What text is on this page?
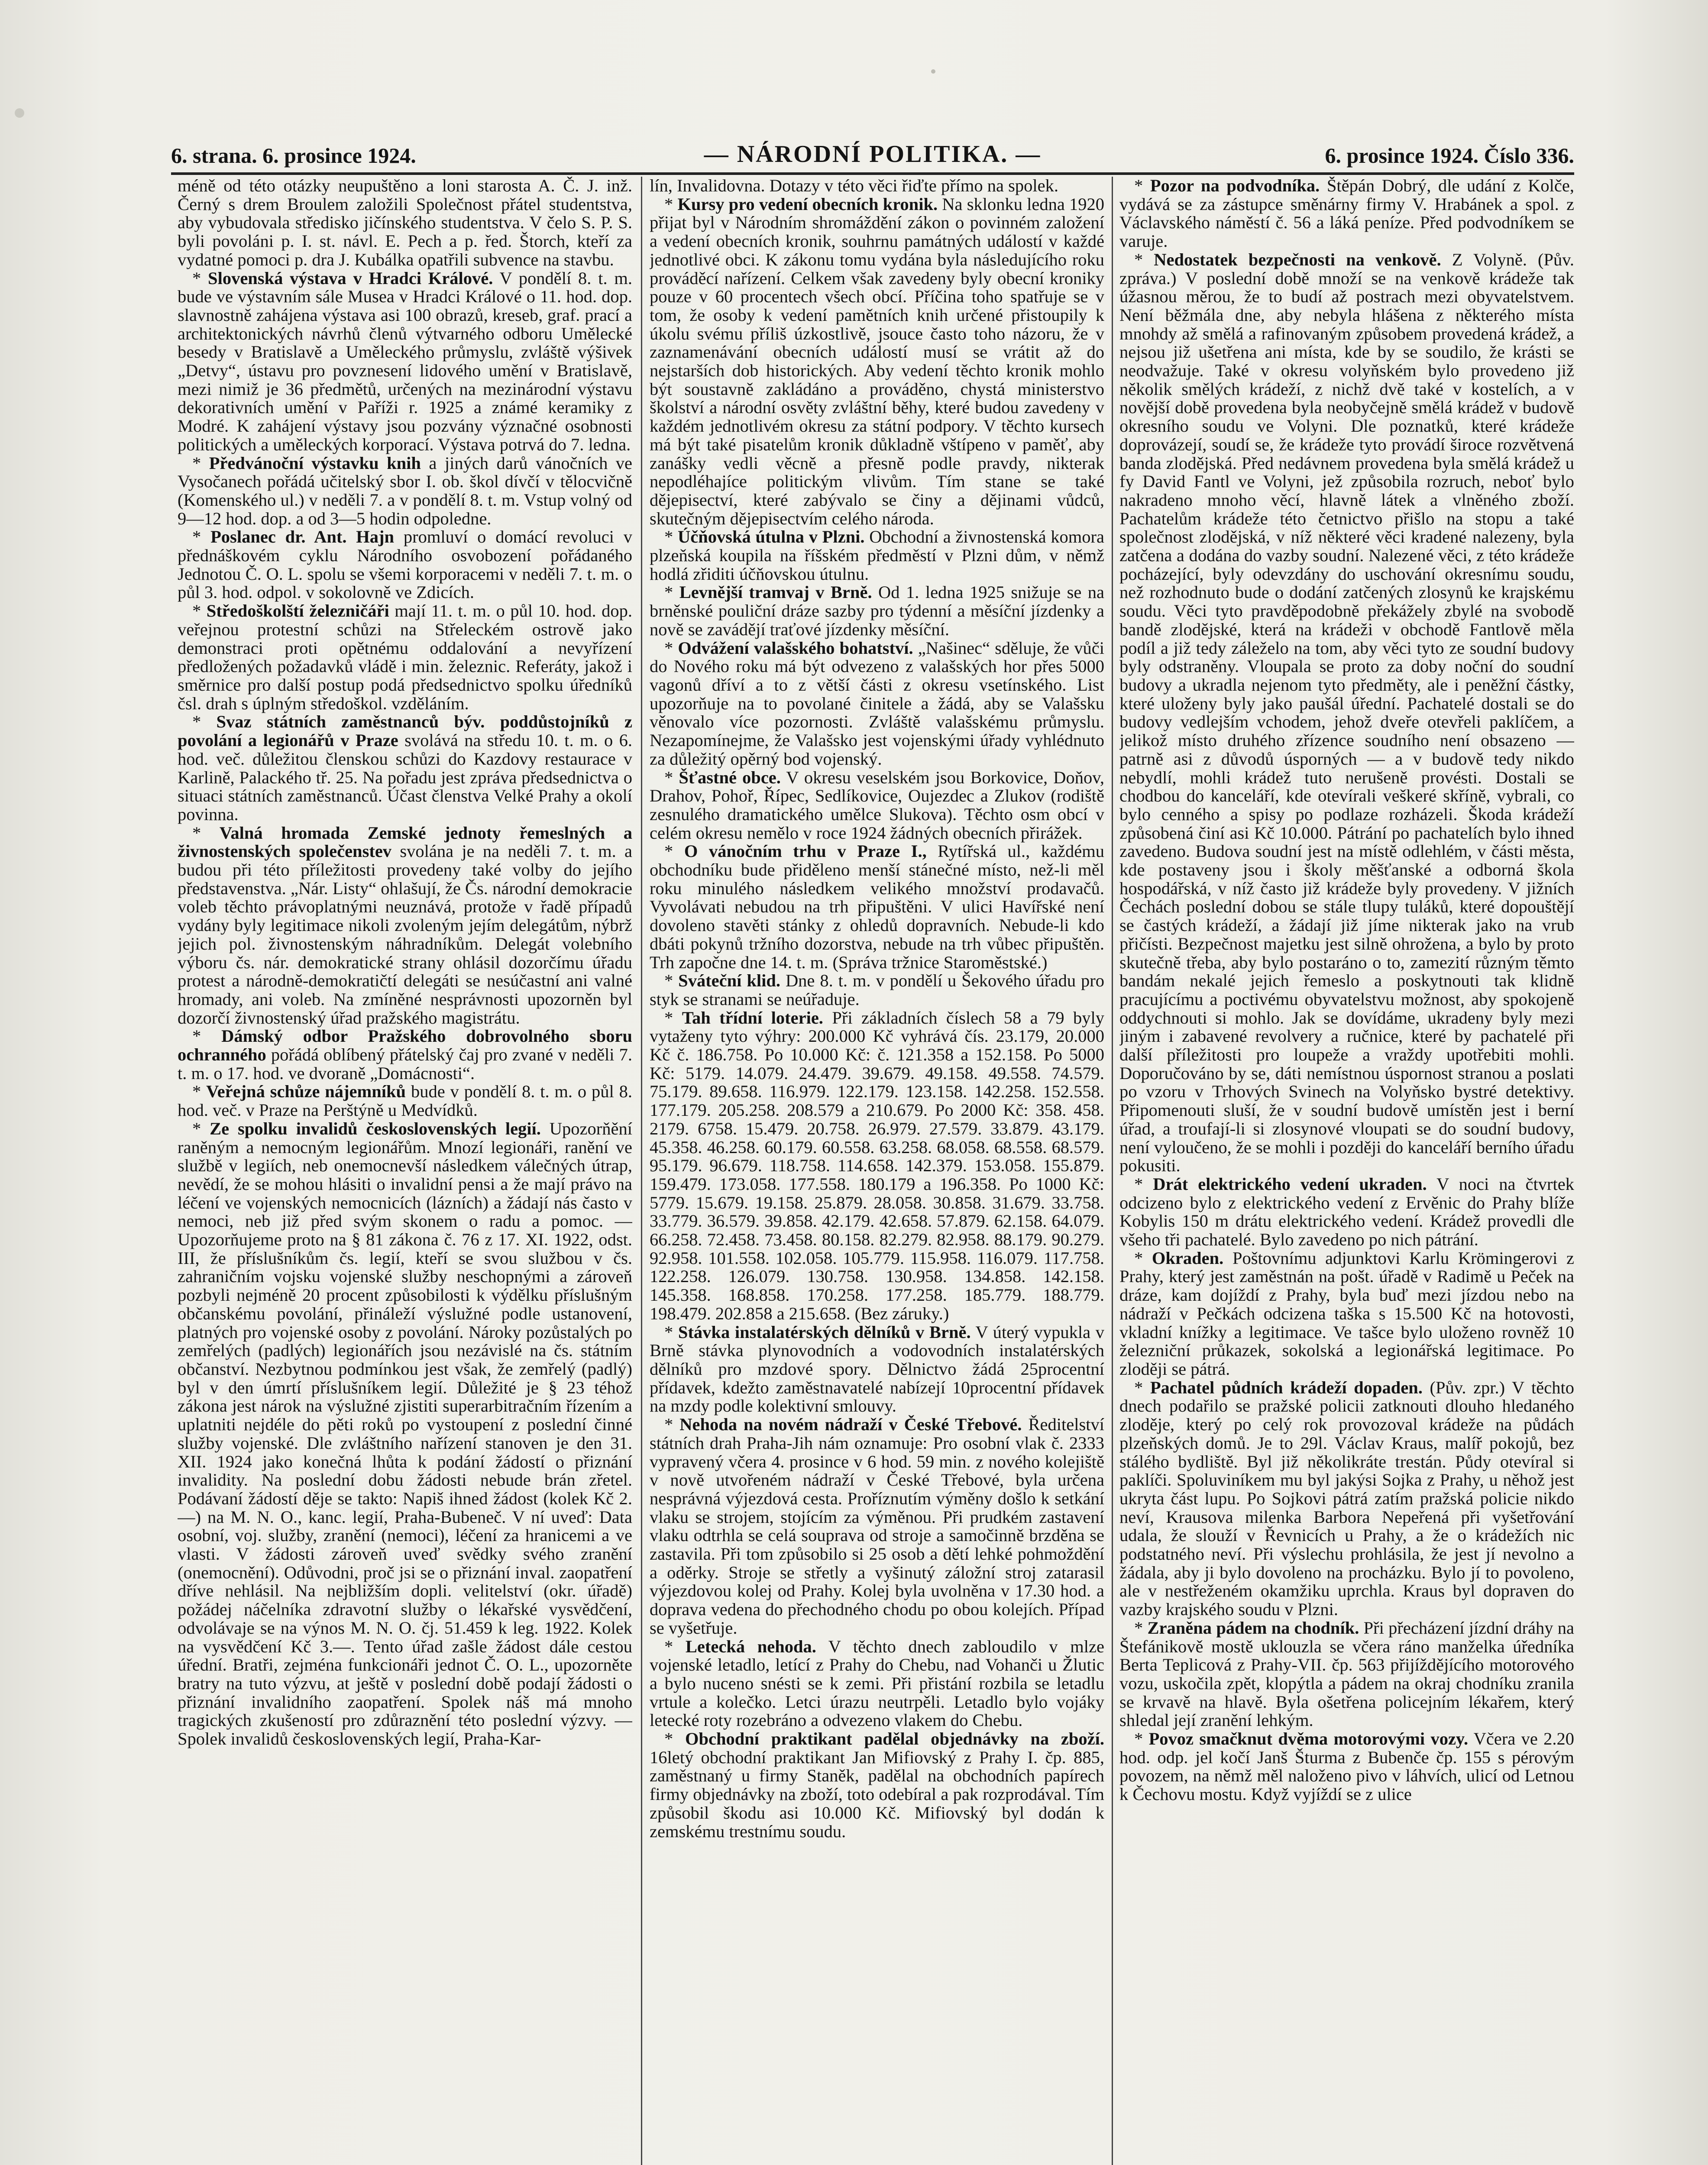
6. strana. 6. prosince 1924.	— NÁRODNÍ POLITIKA. —	6. prosince 1924. Číslo 336.

méně od této otázky neupuštěno a loni starosta A. Č. J. inž. Černý s drem Broulem založili Společnost přátel studentstva, aby vybudovala středisko jičínského studentstva. V čelo S. P. S. byli povoláni p. I. st. návl. E. Pech a p. řed. Štorch, kteří za vydatné pomoci p. dra J. Kubálka opatřili subvence na stavbu.

* Slovenská výstava v Hradci Králové. V pondělí 8. t. m. bude ve výstavním sále Musea v Hradci Králové o 11. hod. dop. slavnostně zahájena výstava asi 100 obrazů, kreseb, graf. prací a architektonických návrhů členů výtvarného odboru Umělecké besedy v Bratislavě a Uměleckého průmyslu, zvláště výšivek „Detvy“, ústavu pro povznesení lidového umění v Bratislavě, mezi nimiž je 36 předmětů, určených na mezinárodní výstavu dekorativních umění v Paříži r. 1925 a známé keramiky z Modré. K zahájení výstavy jsou pozvány význačné osobnosti politických a uměleckých korporací. Výstava potrvá do 7. ledna.

* Předvánoční výstavku knih a jiných darů vánočních ve Vysočanech pořádá učitelský sbor I. ob. škol dívčí v tělocvičně (Komenského ul.) v neděli 7. a v pondělí 8. t. m. Vstup volný od 9—12 hod. dop. a od 3—5 hodin odpoledne.

* Poslanec dr. Ant. Hajn promluví o domácí revoluci v přednáškovém cyklu Národního osvobození pořádaného Jednotou Č. O. L. spolu se všemi korporacemi v neděli 7. t. m. o půl 3. hod. odpol. v sokolovně ve Zdicích.

* Středoškolští železničáři mají 11. t. m. o půl 10. hod. dop. veřejnou protestní schůzi na Střeleckém ostrově jako demonstraci proti opětnému oddalování a nevyřízení předložených požadavků vládě i min. železnic. Referáty, jakož i směrnice pro další postup podá předsednictvo spolku úředníků čsl. drah s úplným středoškol. vzděláním.

* Svaz státních zaměstnanců býv. poddůstojníků z povolání a legionářů v Praze svolává na středu 10. t. m. o 6. hod. več. důležitou členskou schůzi do Kazdovy restaurace v Karlině, Palackého tř. 25. Na pořadu jest zpráva předsednictva o situaci státních zaměstnanců. Účast členstva Velké Prahy a okolí povinna.

* Valná hromada Zemské jednoty řemeslných a živnostenských společenstev svolána je na neděli 7. t. m. a budou při této příležitosti provedeny také volby do jejího představenstva. „Nár. Listy“ ohlašují, že Čs. národní demokracie voleb těchto právoplatnými neuznává, protože v řadě případů vydány byly legitimace nikoli zvoleným jejím delegátům, nýbrž jejich pol. živnostenským náhradníkům. Delegát volebního výboru čs. nár. demokratické strany ohlásil dozorčímu úřadu protest a národně-demokratičtí delegáti se nesúčastní ani valné hromady, ani voleb. Na zmíněné nesprávnosti upozorněn byl dozorčí živnostenský úřad pražského magistrátu.

* Dámský odbor Pražského dobrovolného sboru ochranného pořádá oblíbený přátelský čaj pro zvané v neděli 7. t. m. o 17. hod. ve dvoraně „Domácnosti“.

* Veřejná schůze nájemníků bude v pondělí 8. t. m. o půl 8. hod. več. v Praze na Perštýně u Medvídků.

* Ze spolku invalidů československých legií. Upozorňění raněným a nemocným legionářům. Mnozí legionáři, ranění ve službě v legiích, neb onemocnevší následkem válečných útrap, nevědí, že se mohou hlásiti o invalidní pensi a že mají právo na léčení ve vojenských nemocnicích (lázních) a žádají nás často v nemoci, neb již před svým skonem o radu a pomoc. — Upozorňujeme proto na § 81 zákona č. 76 z 17. XI. 1922, odst. III, že příslušníkům čs. legií, kteří se svou službou v čs. zahraničním vojsku vojenské služby neschopnými a zároveň pozbyli nejméně 20 procent způsobilosti k výdělku příslušným občanskému povolání, přináleží výslužné podle ustanovení, platných pro vojenské osoby z povolání. Nároky pozůstalých po zemřelých (padlých) legionářích jsou nezávislé na čs. státním občanství. Nezbytnou podmínkou jest však, že zemřelý (padlý) byl v den úmrtí příslušníkem legií. Důležité je § 23 téhož zákona jest nárok na výslužné zjistiti superarbitračním řízením a uplatniti nejdéle do pěti roků po vystoupení z poslední činné služby vojenské. Dle zvláštního nařízení stanoven je den 31. XII. 1924 jako konečná lhůta k podání žádostí o přiznání invalidity. Na poslední dobu žádosti nebude brán zřetel. Podávaní žádostí děje se takto: Napiš ihned žádost (kolek Kč 2.—) na M. N. O., kanc. legií, Praha-Bubeneč. V ní uveď: Data osobní, voj. služby, zranění (nemoci), léčení za hranicemi a ve vlasti. V žádosti zároveň uveď svědky svého zranění (onemocnění). Odůvodni, proč jsi se o přiznání inval. zaopatření dříve nehlásil. Na nejbližším dopli. velitelství (okr. úřadě) požádej náčelníka zdravotní služby o lékařské vysvědčení, odvolávaje se na výnos M. N. O. čj. 51.459 k leg. 1922. Kolek na vysvědčení Kč 3.—. Tento úřad zašle žádost dále cestou úřední. Bratři, zejména funkcionáři jednot Č. O. L., upozorněte bratry na tuto výzvu, at ještě v poslední době podají žádosti o přiznání invalidního zaopatření. Spolek náš má mnoho tragických zkušeností pro zdůraznění této poslední výzvy. — Spolek invalidů československých legií, Praha-Kar-

lín, Invalidovna. Dotazy v této věci řiďte přímo na spolek.

* Kursy pro vedení obecních kronik. Na sklonku ledna 1920 přijat byl v Národním shromáždění zákon o povinném založení a vedení obecních kronik, souhrnu památných událostí v každé jednotlivé obci. K zákonu tomu vydána byla následujícího roku prováděcí nařízení. Celkem však zavedeny byly obecní kroniky pouze v 60 procentech všech obcí. Příčina toho spatřuje se v tom, že osoby k vedení pamětních knih určené přistoupily k úkolu svému příliš úzkostlivě, jsouce často toho názoru, že v zaznamenávání obecních událostí musí se vrátit až do nejstarších dob historických. Aby vedení těchto kronik mohlo být soustavně zakládáno a prováděno, chystá ministerstvo školství a národní osvěty zvláštní běhy, které budou zavedeny v každém jednotlivém okresu za státní podpory. V těchto kursech má být také pisatelům kronik důkladně vštípeno v paměť, aby zanášky vedli věcně a přesně podle pravdy, nikterak nepodléhajíce politickým vlivům. Tím stane se také dějepisectví, které zabývalo se činy a dějinami vůdců, skutečným dějepisectvím celého národa.

* Účňovská útulna v Plzni. Obchodní a živnostenská komora plzeňská koupila na říšském předměstí v Plzni dům, v němž hodlá zřiditi účňovskou útulnu.

* Levnější tramvaj v Brně. Od 1. ledna 1925 snižuje se na brněnské pouliční dráze sazby pro týdenní a měsíční jízdenky a nově se zavádějí traťové jízdenky měsíční.

* Odvážení valašského bohatství. „Našinec“ sděluje, že vůči do Nového roku má být odvezeno z valašských hor přes 5000 vagonů dříví a to z větší části z okresu vsetínského. List upozorňuje na to povolané činitele a žádá, aby se Valašsku věnovalo více pozornosti. Zvláště valašskému průmyslu. Nezapomínejme, že Valašsko jest vojenskými úřady vyhlédnuto za důležitý opěrný bod vojenský.

* Šťastné obce. V okresu veselském jsou Borkovice, Doňov, Drahov, Pohoř, Řípec, Sedlíkovice, Oujezdec a Zlukov (rodiště zesnulého dramatického umělce Slukova). Těchto osm obcí v celém okresu nemělo v roce 1924 žádných obecních přirážek.

* O vánočním trhu v Praze I., Rytířská ul., každému obchodníku bude přiděleno menší stánečné místo, než-li měl roku minulého následkem velikého množství prodavačů. Vyvolávati nebudou na trh připuštěni. V ulici Havířské není dovoleno stavěti stánky z ohledů dopravních. Nebude-li kdo dbáti pokynů tržního dozorstva, nebude na trh vůbec připuštěn. Trh započne dne 14. t. m. (Správa tržnice Staroměstské.)

* Sváteční klid. Dne 8. t. m. v pondělí u Šekového úřadu pro styk se stranami se neúřaduje.

* Tah třídní loterie. Při základních číslech 58 a 79 byly vytaženy tyto výhry: 200.000 Kč vyhrává čís. 23.179, 20.000 Kč č. 186.758. Po 10.000 Kč: č. 121.358 a 152.158. Po 5000 Kč: 5179. 14.079. 24.479. 39.679. 49.158. 49.558. 74.579. 75.179. 89.658. 116.979. 122.179. 123.158. 142.258. 152.558. 177.179. 205.258. 208.579 a 210.679. Po 2000 Kč: 358. 458. 2179. 6758. 15.479. 20.758. 26.979. 27.579. 33.879. 43.179. 45.358. 46.258. 60.179. 60.558. 63.258. 68.058. 68.558. 68.579. 95.179. 96.679. 118.758. 114.658. 142.379. 153.058. 155.879. 159.479. 173.058. 177.558. 180.179 a 196.358. Po 1000 Kč: 5779. 15.679. 19.158. 25.879. 28.058. 30.858. 31.679. 33.758. 33.779. 36.579. 39.858. 42.179. 42.658. 57.879. 62.158. 64.079. 66.258. 72.458. 73.458. 80.158. 82.279. 82.958. 88.179. 90.279. 92.958. 101.558. 102.058. 105.779. 115.958. 116.079. 117.758. 122.258. 126.079. 130.758. 130.958. 134.858. 142.158. 145.358. 168.858. 170.258. 177.258. 185.779. 188.779. 198.479. 202.858 a 215.658. (Bez záruky.)

* Stávka instalatérských dělníků v Brně. V úterý vypukla v Brně stávka plynovodních a vodovodních instalatérských dělníků pro mzdové spory. Dělnictvo žádá 25procentní přídavek, kdežto zaměstnavatelé nabízejí 10procentní přídavek na mzdy podle kolektivní smlouvy.

* Nehoda na novém nádraží v České Třebové. Ředitelství státních drah Praha-Jih nám oznamuje: Pro osobní vlak č. 2333 vypravený včera 4. prosince v 6 hod. 59 min. z nového kolejiště v nově utvořeném nádraží v České Třebové, byla určena nesprávná výjezdová cesta. Proříznutím výměny došlo k setkání vlaku se strojem, stojícím za výměnou. Při prudkém zastavení vlaku odtrhla se celá souprava od stroje a samočinně brzděna se zastavila. Při tom způsobilo si 25 osob a dětí lehké pohmoždění a oděrky. Stroje se střetly a vyšinutý záložní stroj zatarasil výjezdovou kolej od Prahy. Kolej byla uvolněna v 17.30 hod. a doprava vedena do přechodného chodu po obou kolejích. Případ se vyšetřuje.

* Letecká nehoda. V těchto dnech zabloudilo v mlze vojenské letadlo, letící z Prahy do Chebu, nad Vohanči u Žlutic a bylo nuceno snésti se k zemi. Při přistání rozbila se letadlu vrtule a kolečko. Letci úrazu neutrpěli. Letadlo bylo vojáky letecké roty rozebráno a odvezeno vlakem do Chebu.

* Obchodní praktikant padělal objednávky na zboží. 16letý obchodní praktikant Jan Mifiovský z Prahy I. čp. 885, zaměstnaný u firmy Staněk, padělal na obchodních papírech firmy objednávky na zboží, toto odebíral a pak rozprodával. Tím způsobil škodu asi 10.000 Kč. Mifiovský byl dodán k zemskému trestnímu soudu.

* Pozor na podvodníka. Štěpán Dobrý, dle udání z Kolče, vydává se za zástupce směnárny firmy V. Hrabánek a spol. z Václavského náměstí č. 56 a láká peníze. Před podvodníkem se varuje.

* Nedostatek bezpečnosti na venkově. Z Volyně. (Pův. zpráva.) V poslední době množí se na venkově krádeže tak úžasnou měrou, že to budí až postrach mezi obyvatelstvem. Není běžmála dne, aby nebyla hlášena z některého místa mnohdy až smělá a rafinovaným způsobem provedená krádež, a nejsou již ušetřena ani místa, kde by se soudilo, že krásti se neodvažuje. Také v okresu volyňském bylo provedeno již několik smělých krádeží, z nichž dvě také v kostelích, a v novější době provedena byla neobyčejně smělá krádež v budově okresního soudu ve Volyni. Dle poznatků, které krádeže doprovázejí, soudí se, že krádeže tyto provádí široce rozvětvená banda zlodějská. Před nedávnem provedena byla smělá krádež u fy David Fantl ve Volyni, jež způsobila rozruch, neboť bylo nakradeno mnoho věcí, hlavně látek a vlněného zboží. Pachatelům krádeže této četnictvo přišlo na stopu a také společnost zlodějská, v níž některé věci kradené nalezeny, byla zatčena a dodána do vazby soudní. Nalezené věci, z této krádeže pocházející, byly odevzdány do uschování okresnímu soudu, než rozhodnuto bude o dodání zatčených zlosynů ke krajskému soudu. Věci tyto pravděpodobně překážely zbylé na svobodě bandě zlodějské, která na krádeži v obchodě Fantlově měla podíl a již tedy záleželo na tom, aby věci tyto ze soudní budovy byly odstraněny. Vloupala se proto za doby noční do soudní budovy a ukradla nejenom tyto předměty, ale i peněžní částky, které uloženy byly jako paušál úřední. Pachatelé dostali se do budovy vedlejším vchodem, jehož dveře otevřeli paklíčem, a jelikož místo druhého zřízence soudního není obsazeno — patrně asi z důvodů úsporných — a v budově tedy nikdo nebydlí, mohli krádež tuto nerušeně provésti. Dostali se chodbou do kanceláří, kde otevírali veškeré skříně, vybrali, co bylo cenného a spisy po podlaze rozházeli. Škoda krádeží způsobená činí asi Kč 10.000. Pátrání po pachatelích bylo ihned zavedeno. Budova soudní jest na místě odlehlém, v části města, kde postaveny jsou i školy měšťanské a odborná škola hospodářská, v níž často již krádeže byly provedeny. V jižních Čechách poslední dobou se stále tlupy tuláků, které dopouštějí se častých krádeží, a žádají již jíme nikterak jako na vrub přičísti. Bezpečnost majetku jest silně ohrožena, a bylo by proto skutečně třeba, aby bylo postaráno o to, zamezití různým těmto bandám nekalé jejich řemeslo a poskytnouti tak klidně pracujícímu a poctivému obyvatelstvu možnost, aby spokojeně oddychnouti si mohlo. Jak se dovídáme, ukradeny byly mezi jiným i zabavené revolvery a ručnice, které by pachatelé při další příležitosti pro loupeže a vraždy upotřebiti mohli. Doporučováno by se, dáti nemístnou úspornost stranou a poslati po vzoru v Trhových Svinech na Volyňsko bystré detektivy. Připomenouti sluší, že v soudní budově umístěn jest i berní úřad, a troufají-li si zlosynové vloupati se do soudní budovy, není vyloučeno, že se mohli i později do kanceláří berního úřadu pokusiti.

* Drát elektrického vedení ukraden. V noci na čtvrtek odcizeno bylo z elektrického vedení z Ervěnic do Prahy blíže Kobylis 150 m drátu elektrického vedení. Krádež provedli dle všeho tři pachatelé. Bylo zavedeno po nich pátrání.

* Okraden. Poštovnímu adjunktovi Karlu Krömingerovi z Prahy, který jest zaměstnán na pošt. úřadě v Radimě u Peček na dráze, kam dojíždí z Prahy, byla buď mezi jízdou nebo na nádraží v Pečkách odcizena taška s 15.500 Kč na hotovosti, vkladní knížky a legitimace. Ve tašce bylo uloženo rovněž 10 železniční průkazek, sokolská a legionářská legitimace. Po zloději se pátrá.

* Pachatel půdních krádeží dopaden. (Pův. zpr.) V těchto dnech podařilo se pražské policii zatknouti dlouho hledaného zloděje, který po celý rok provozoval krádeže na půdách plzeňských domů. Je to 29l. Václav Kraus, malíř pokojů, bez stálého bydliště. Byl již několikráte trestán. Půdy otevíral si paklíči. Spoluviníkem mu byl jakýsi Sojka z Prahy, u něhož jest ukryta část lupu. Po Sojkovi pátrá zatím pražská policie nikdo neví, Krausova milenka Barbora Nepeřená při vyšetřování udala, že slouží v Řevnicích u Prahy, a že o krádežích nic podstatného neví. Při výslechu prohlásila, že jest jí nevolno a žádala, aby ji bylo dovoleno na procházku. Bylo jí to povoleno, ale v nestřeženém okamžiku uprchla. Kraus byl dopraven do vazby krajského soudu v Plzni.

* Zraněna pádem na chodník. Při přecházení jízdní dráhy na Štefánikově mostě uklouzla se včera ráno manželka úředníka Berta Teplicová z Prahy-VII. čp. 563 přijíždějícího motorového vozu, uskočila zpět, klopýtla a pádem na okraj chodníku zranila se krvavě na hlavě. Byla ošetřena policejním lékařem, který shledal její zranění lehkým.

* Povoz smačknut dvěma motorovými vozy. Včera ve 2.20 hod. odp. jel kočí Janš Šturma z Bubenče čp. 155 s pérovým povozem, na němž měl naloženo pivo v láhvích, ulicí od Letnou k Čechovu mostu. Když vyjíždí se z ulice
